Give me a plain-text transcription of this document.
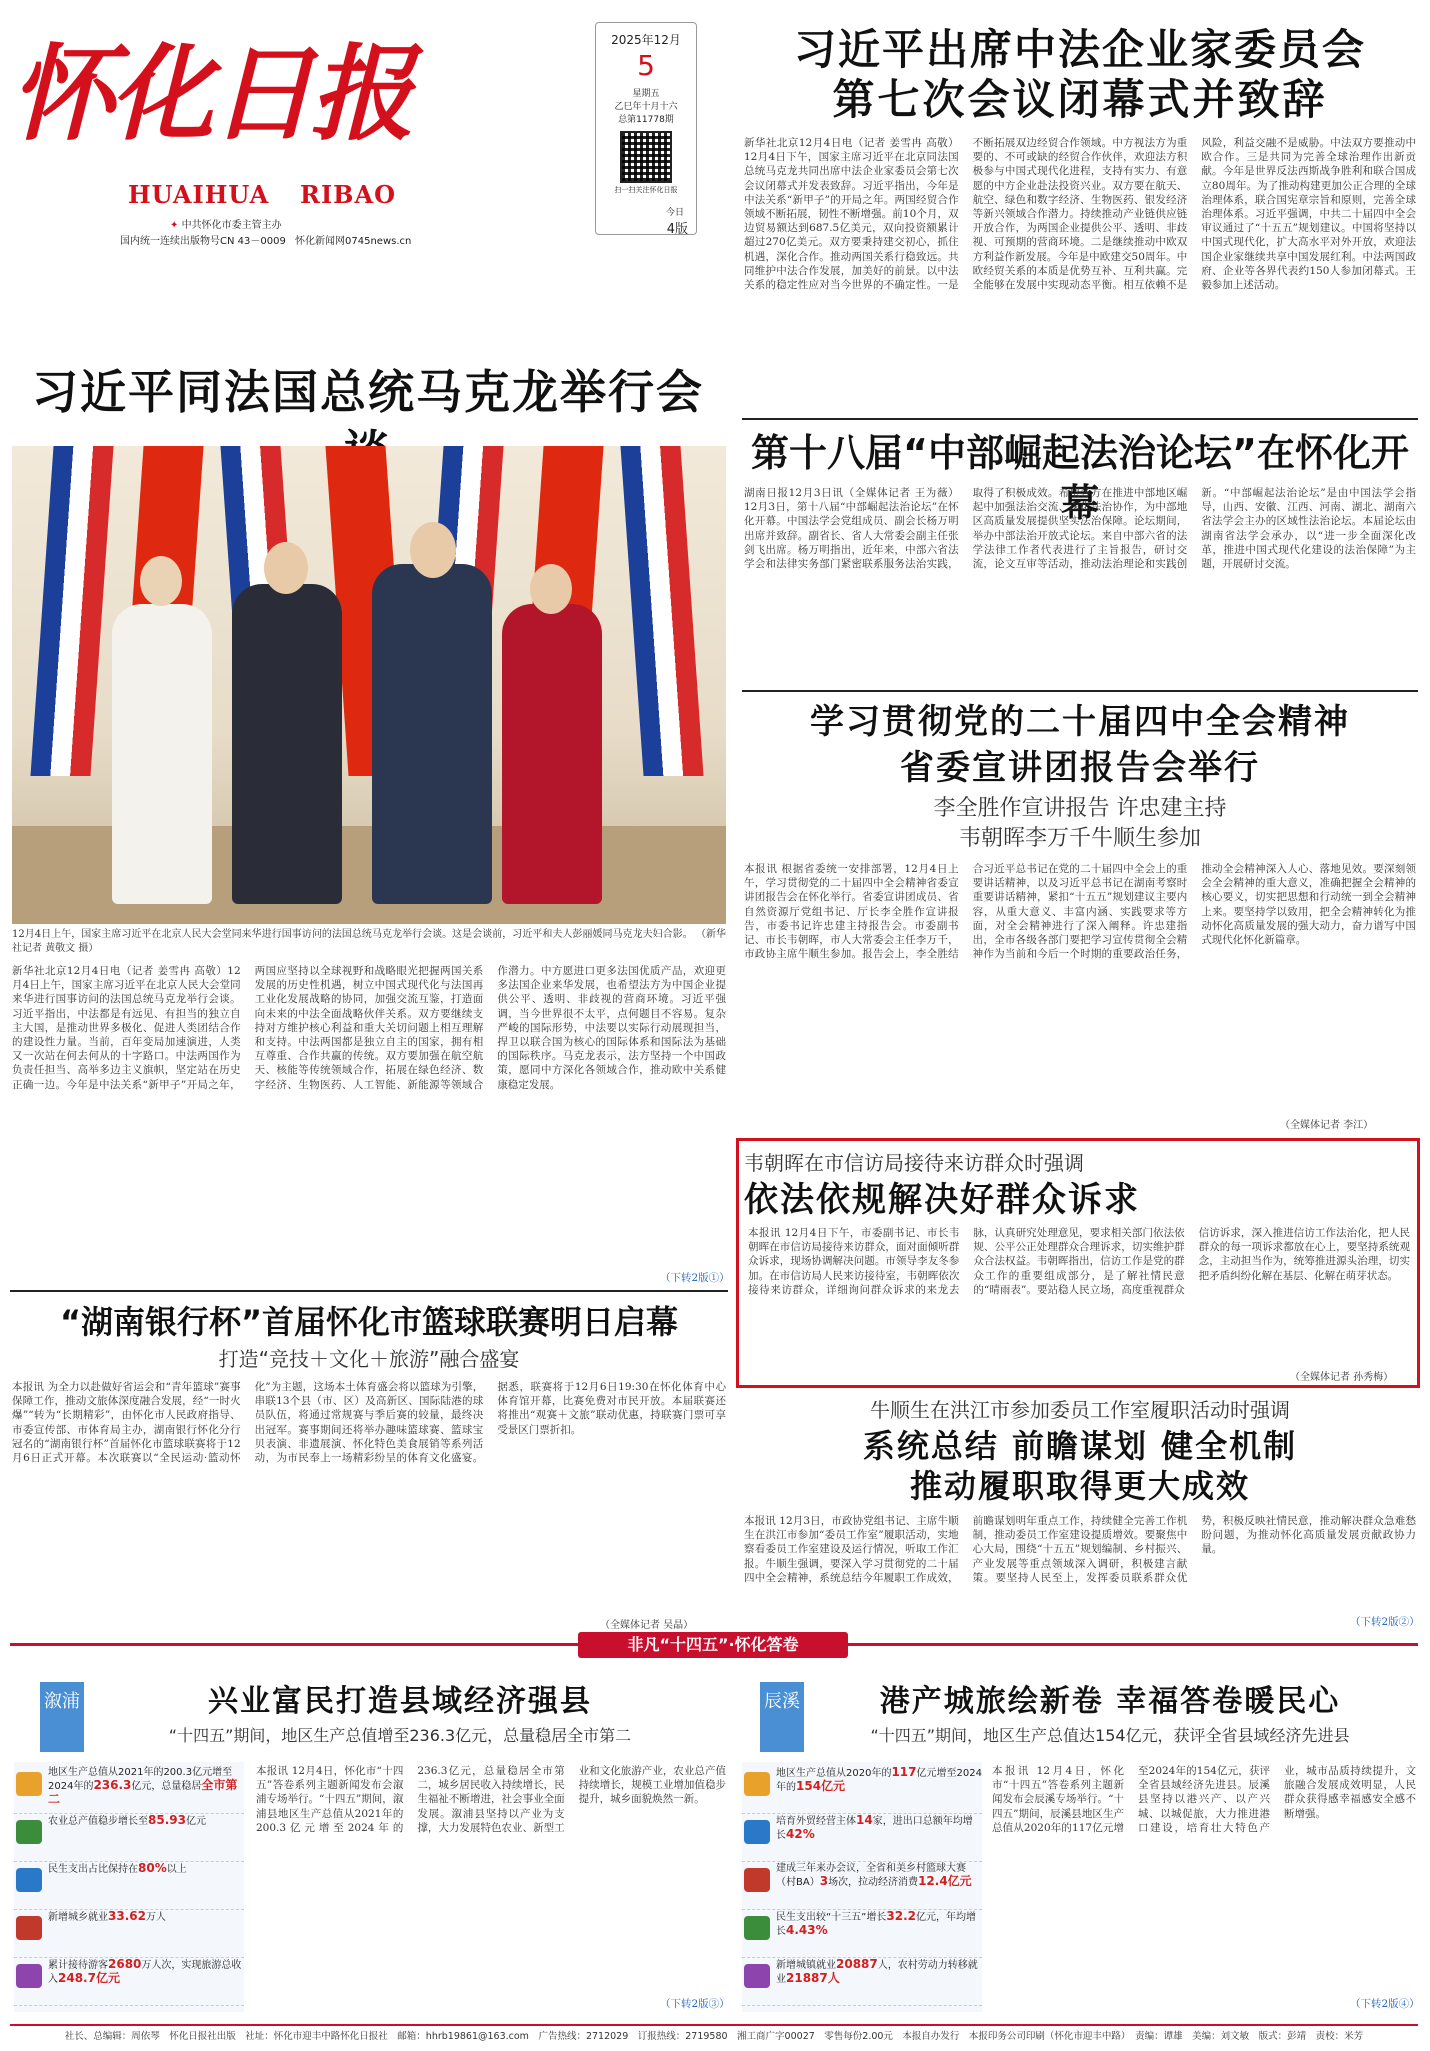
怀化日报
HUAIHUA RIBAO
✦ 中共怀化市委主管主办
国内统一连续出版物号CN 43－0009 怀化新闻网0745news.cn
2025年12月
5
星期五
乙巳年十月十六
总第11778期
扫一扫关注怀化日报
今日
4版
习近平出席中法企业家委员会
第七次会议闭幕式并致辞
新华社北京12月4日电（记者 姜雪冉 高敬） 12月4日下午，国家主席习近平在北京同法国总统马克龙共同出席中法企业家委员会第七次会议闭幕式并发表致辞。习近平指出，今年是中法关系“新甲子”的开局之年。两国经贸合作领域不断拓展，韧性不断增强。前10个月，双边贸易额达到687.5亿美元，双向投资额累计超过270亿美元。双方要秉持建交初心，抓住机遇，深化合作。推动两国关系行稳致远。共同维护中法合作发展，加美好的前景。以中法关系的稳定性应对当今世界的不确定性。一是不断拓展双边经贸合作领域。中方视法方为重要的、不可或缺的经贸合作伙伴，欢迎法方积极参与中国式现代化进程，支持有实力、有意愿的中方企业赴法投资兴业。双方要在航天、航空、绿色和数字经济、生物医药、银发经济等新兴领域合作潜力。持续推动产业链供应链开放合作，为两国企业提供公平、透明、非歧视、可预期的营商环境。二是继续推动中欧双方利益作新发展。今年是中欧建交50周年。中欧经贸关系的本质是优势互补、互利共赢。完全能够在发展中实现动态平衡。相互依赖不是风险，利益交融不是威胁。中法双方要推动中欧合作。三是共同为完善全球治理作出新贡献。今年是世界反法西斯战争胜利和联合国成立80周年。为了推动构建更加公正合理的全球治理体系，联合国宪章宗旨和原则，完善全球治理体系。习近平强调，中共二十届四中全会审议通过了“十五五”规划建议。中国将坚持以中国式现代化，扩大高水平对外开放，欢迎法国企业家继续共享中国发展红利。中法两国政府、企业等各界代表约150人参加闭幕式。王毅参加上述活动。
第十八届“中部崛起法治论坛”在怀化开幕
湖南日报12月3日讯（全媒体记者 王为薇）12月3日，第十八届“中部崛起法治论坛”在怀化开幕。中国法学会党组成员、副会长杨万明出席并致辞。副省长、省人大常委会副主任张剑飞出席。杨万明指出，近年来，中部六省法学会和法律实务部门紧密联系服务法治实践，取得了积极成效。希望各方在推进中部地区崛起中加强法治交流、深化法治协作，为中部地区高质量发展提供坚实法治保障。论坛期间，举办中部法治开放式论坛。来自中部六省的法学法律工作者代表进行了主旨报告，研讨交流，论文互审等活动，推动法治理论和实践创新。“中部崛起法治论坛”是由中国法学会指导，山西、安徽、江西、河南、湖北、湖南六省法学会主办的区域性法治论坛。本届论坛由湖南省法学会承办，以“进一步全面深化改革，推进中国式现代化建设的法治保障”为主题，开展研讨交流。
学习贯彻党的二十届四中全会精神
省委宣讲团报告会举行
李全胜作宣讲报告 许忠建主持
韦朝晖李万千牛顺生参加
本报讯 根据省委统一安排部署，12月4日上午，学习贯彻党的二十届四中全会精神省委宣讲团报告会在怀化举行。省委宣讲团成员、省自然资源厅党组书记、厅长李全胜作宣讲报告，市委书记许忠建主持报告会。市委副书记、市长韦朝晖，市人大常委会主任李万千，市政协主席牛顺生参加。报告会上，李全胜结合习近平总书记在党的二十届四中全会上的重要讲话精神，以及习近平总书记在湖南考察时重要讲话精神，紧扣“十五五”规划建议主要内容，从重大意义、丰富内涵、实践要求等方面，对全会精神进行了深入阐释。许忠建指出，全市各级各部门要把学习宣传贯彻全会精神作为当前和今后一个时期的重要政治任务，推动全会精神深入人心、落地见效。要深刻领会全会精神的重大意义，准确把握全会精神的核心要义，切实把思想和行动统一到全会精神上来。要坚持学以致用，把全会精神转化为推动怀化高质量发展的强大动力，奋力谱写中国式现代化怀化新篇章。
（全媒体记者 李江）
韦朝晖在市信访局接待来访群众时强调
依法依规解决好群众诉求
本报讯 12月4日下午，市委副书记、市长韦朝晖在市信访局接待来访群众，面对面倾听群众诉求，现场协调解决问题。市领导李友冬参加。在市信访局人民来访接待室，韦朝晖依次接待来访群众，详细询问群众诉求的来龙去脉，认真研究处理意见，要求相关部门依法依规、公平公正处理群众合理诉求，切实维护群众合法权益。韦朝晖指出，信访工作是党的群众工作的重要组成部分，是了解社情民意的“晴雨表”。要站稳人民立场，高度重视群众信访诉求，深入推进信访工作法治化，把人民群众的每一项诉求都放在心上，要坚持系统观念，主动担当作为，统筹推进源头治理，切实把矛盾纠纷化解在基层、化解在萌芽状态。
（全媒体记者 孙秀梅）
牛顺生在洪江市参加委员工作室履职活动时强调
系统总结 前瞻谋划 健全机制
推动履职取得更大成效
本报讯 12月3日，市政协党组书记、主席牛顺生在洪江市参加“委员工作室”履职活动，实地察看委员工作室建设及运行情况，听取工作汇报。牛顺生强调，要深入学习贯彻党的二十届四中全会精神，系统总结今年履职工作成效，前瞻谋划明年重点工作，持续健全完善工作机制，推动委员工作室建设提质增效。要聚焦中心大局，围绕“十五五”规划编制、乡村振兴、产业发展等重点领域深入调研，积极建言献策。要坚持人民至上，发挥委员联系群众优势，积极反映社情民意，推动解决群众急难愁盼问题，为推动怀化高质量发展贡献政协力量。
（下转2版②）
习近平同法国总统马克龙举行会
12月4日上午，国家主席习近平在北京人民大会堂同来华进行国事访问的法国总统马克龙举行会谈。这是会谈前，习近平和夫人彭丽媛同马克龙夫妇合影。 （新华社记者 黄敬文 摄）
新华社北京12月4日电（记者 姜雪冉 高敬）12月4日上午，国家主席习近平在北京人民大会堂同来华进行国事访问的法国总统马克龙举行会谈。习近平指出，中法都是有远见、有担当的独立自主大国，是推动世界多极化、促进人类团结合作的建设性力量。当前，百年变局加速演进，人类又一次站在何去何从的十字路口。中法两国作为负责任担当、高举多边主义旗帜，坚定站在历史正确一边。今年是中法关系“新甲子”开局之年，两国应坚持以全球视野和战略眼光把握两国关系发展的历史性机遇，树立中国式现代化与法国再工业化发展战略的协同，加强交流互鉴，打造面向未来的中法全面战略伙伴关系。双方要继续支持对方维护核心利益和重大关切问题上相互理解和支持。中法两国都是独立自主的国家，拥有相互尊重、合作共赢的传统。双方要加强在航空航天、核能等传统领域合作，拓展在绿色经济、数字经济、生物医药、人工智能、新能源等领域合作潜力。中方愿进口更多法国优质产品，欢迎更多法国企业来华发展，也希望法方为中国企业提供公平、透明、非歧视的营商环境。习近平强调，当今世界很不太平，点何题目不容易。复杂严峻的国际形势，中法要以实际行动展现担当，捍卫以联合国为核心的国际体系和国际法为基础的国际秩序。马克龙表示，法方坚持一个中国政策，愿同中方深化各领域合作，推动欧中关系健康稳定发展。
（下转2版①）
“湖南银行杯”首届怀化市篮球联赛明日启幕
打造“竞技＋文化＋旅游”融合盛宴
本报讯 为全力以赴做好省运会和“青年篮球”赛事保障工作，推动文旅体深度融合发展，经“一时火爆”“转为“长期精彩”，由怀化市人民政府指导、市委宣传部、市体育局主办，湖南银行怀化分行冠名的“湖南银行杯”首届怀化市篮球联赛将于12月6日正式开幕。本次联赛以“全民运动·篮动怀化”为主题，这场本土体育盛会将以篮球为引擎，串联13个县（市、区）及高新区、国际陆港的球员队伍，将通过常规赛与季后赛的较量，最终决出冠军。赛事期间还将举办趣味篮球赛、篮球宝贝表演、非遗展演、怀化特色美食展销等系列活动，为市民奉上一场精彩纷呈的体育文化盛宴。据悉，联赛将于12月6日19:30在怀化体育中心体育馆开幕，比赛免费对市民开放。本届联赛还将推出“观赛＋文旅”联动优惠，持联赛门票可享受景区门票折扣。
（全媒体记者 吴晶）
非凡“十四五”·怀化答卷
溆浦	兴业富民打造县域经济强县
“十四五”期间，地区生产总值增至236.3亿元，总量稳居全市第二
地区生产总值从2021年的200.3亿元增至2024年的236.3亿元，总量稳居全市第二
农业总产值稳步增长至85.93亿元
民生支出占比保持在80%以上
新增城乡就业33.62万人
累计接待游客2680万人次，实现旅游总收入248.7亿元
本报讯 12月4日，怀化市“十四五”答卷系列主题新闻发布会溆浦专场举行。“十四五”期间，溆浦县地区生产总值从2021年的200.3亿元增至2024年的236.3亿元，总量稳居全市第二，城乡居民收入持续增长，民生福祉不断增进，社会事业全面发展。溆浦县坚持以产业为支撑，大力发展特色农业、新型工业和文化旅游产业，农业总产值持续增长，规模工业增加值稳步提升，城乡面貌焕然一新。
（下转2版③）
辰溪	港产城旅绘新卷 幸福答卷暖民心
“十四五”期间，地区生产总值达154亿元，获评全省县域经济先进县
地区生产总值从2020年的117亿元增至2024年的154亿元
培育外贸经营主体14家，进出口总额年均增长42%
建成三年来办会议，全省和美乡村篮球大赛（村BA）3场次，拉动经济消费12.4亿元
民生支出较“十三五”增长32.2亿元，年均增长4.43%
新增城镇就业20887人，农村劳动力转移就业21887人
本报讯 12月4日，怀化市“十四五”答卷系列主题新闻发布会辰溪专场举行。“十四五”期间，辰溪县地区生产总值从2020年的117亿元增至2024年的154亿元，获评全省县域经济先进县。辰溪县坚持以港兴产、以产兴城、以城促旅，大力推进港口建设，培育壮大特色产业，城市品质持续提升，文旅融合发展成效明显，人民群众获得感幸福感安全感不断增强。
（下转2版④）
社长、总编辑：周依琴　怀化日报社出版　社址：怀化市迎丰中路怀化日报社　邮箱：hhrb19861@163.com　广告热线：2712029　订报热线：2719580　湘工商广字00027　零售每份2.00元　本报自办发行　本报印务公司印刷（怀化市迎丰中路）　责编：谭雄　美编：刘文敏　版式：彭靖　责校：米芳
